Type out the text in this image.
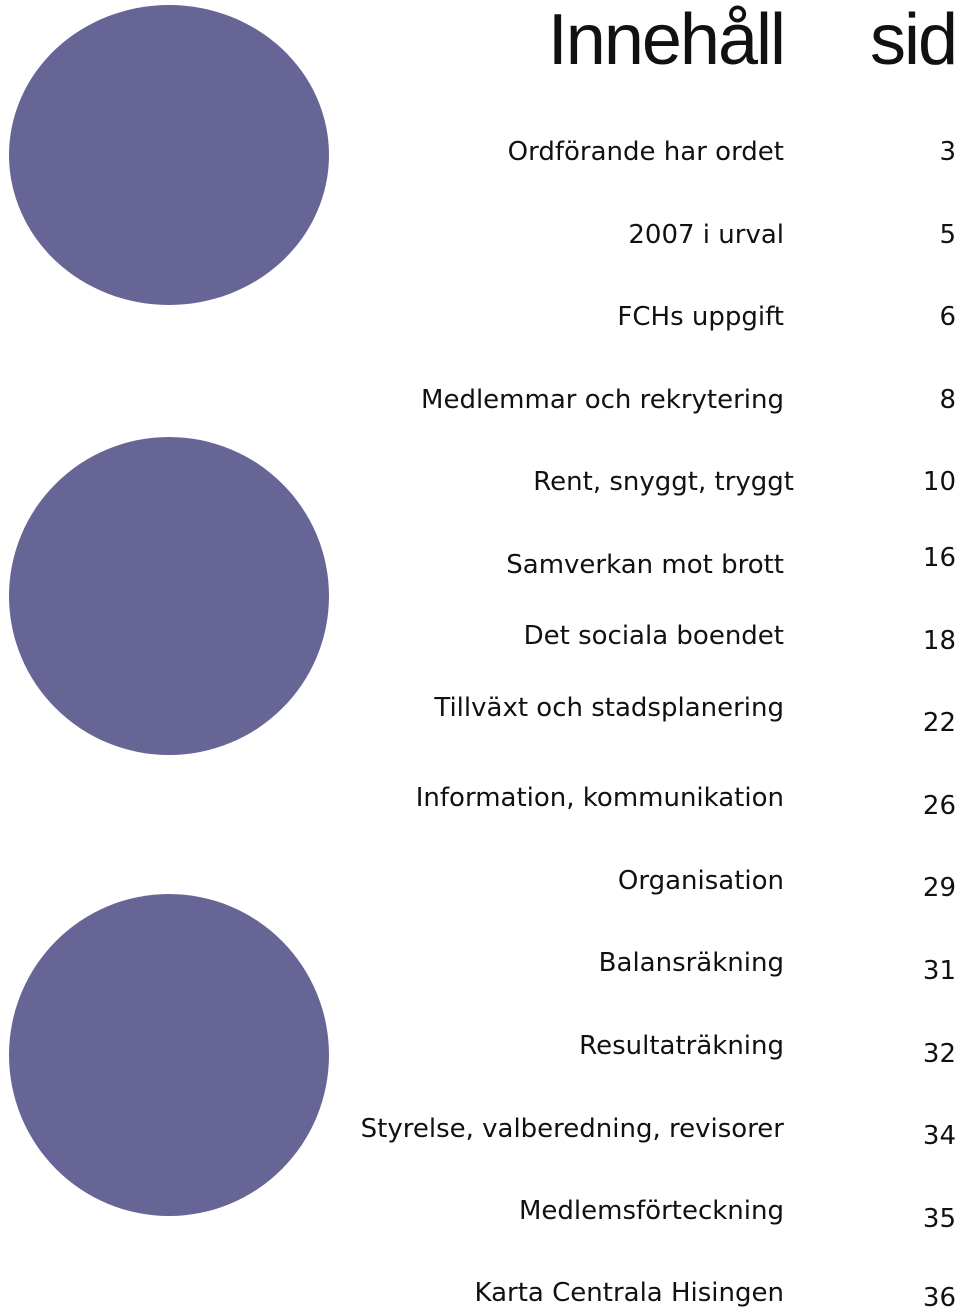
Innehåll sid
Ordförande har ordet	3
2007 i urval	5
FCHs uppgift	6
Medlemmar och rekrytering	8
Rent, snyggt, tryggt	10
Samverkan mot brott	16
Det sociala boendet	18
Tillväxt och stadsplanering	22
Information, kommunikation	26
Organisation	29
Balansräkning	31
Resultaträkning	32
Styrelse, valberedning, revisorer	34
Medlemsförteckning	35
Karta Centrala Hisingen	36
